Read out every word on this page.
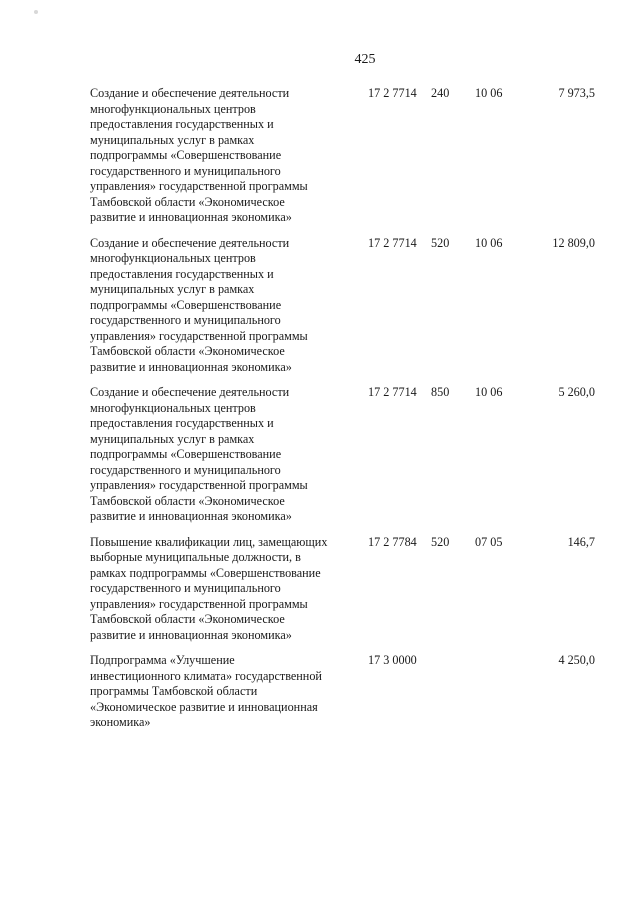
425
Создание и обеспечение деятельности
многофункциональных центров
предоставления государственных и
муниципальных услуг в рамках
подпрограммы «Совершенствование
государственного и муниципального
управления» государственной программы
Тамбовской области «Экономическое
развитие и инновационная экономика»
17 2 7714 240 10 06	7 973,5
Создание и обеспечение деятельности
многофункциональных центров
предоставления государственных и
муниципальных услуг в рамках
подпрограммы «Совершенствование
государственного и муниципального
управления» государственной программы
Тамбовской области «Экономическое
развитие и инновационная экономика»
17 2 7714 520 10 06	12 809,0
Создание и обеспечение деятельности
многофункциональных центров
предоставления государственных и
муниципальных услуг в рамках
подпрограммы «Совершенствование
государственного и муниципального
управления» государственной программы
Тамбовской области «Экономическое
развитие и инновационная экономика»
17 2 7714 850 10 06	5 260,0
Повышение квалификации лиц, замещающих
выборные муниципальные должности, в
рамках подпрограммы «Совершенствование
государственного и муниципального
управления» государственной программы
Тамбовской области «Экономическое
развитие и инновационная экономика»
17 2 7784 520 07 05	146,7
Подпрограмма «Улучшение
инвестиционного климата» государственной
программы Тамбовской области
«Экономическое развитие и инновационная
экономика»
17 3 0000	4 250,0
